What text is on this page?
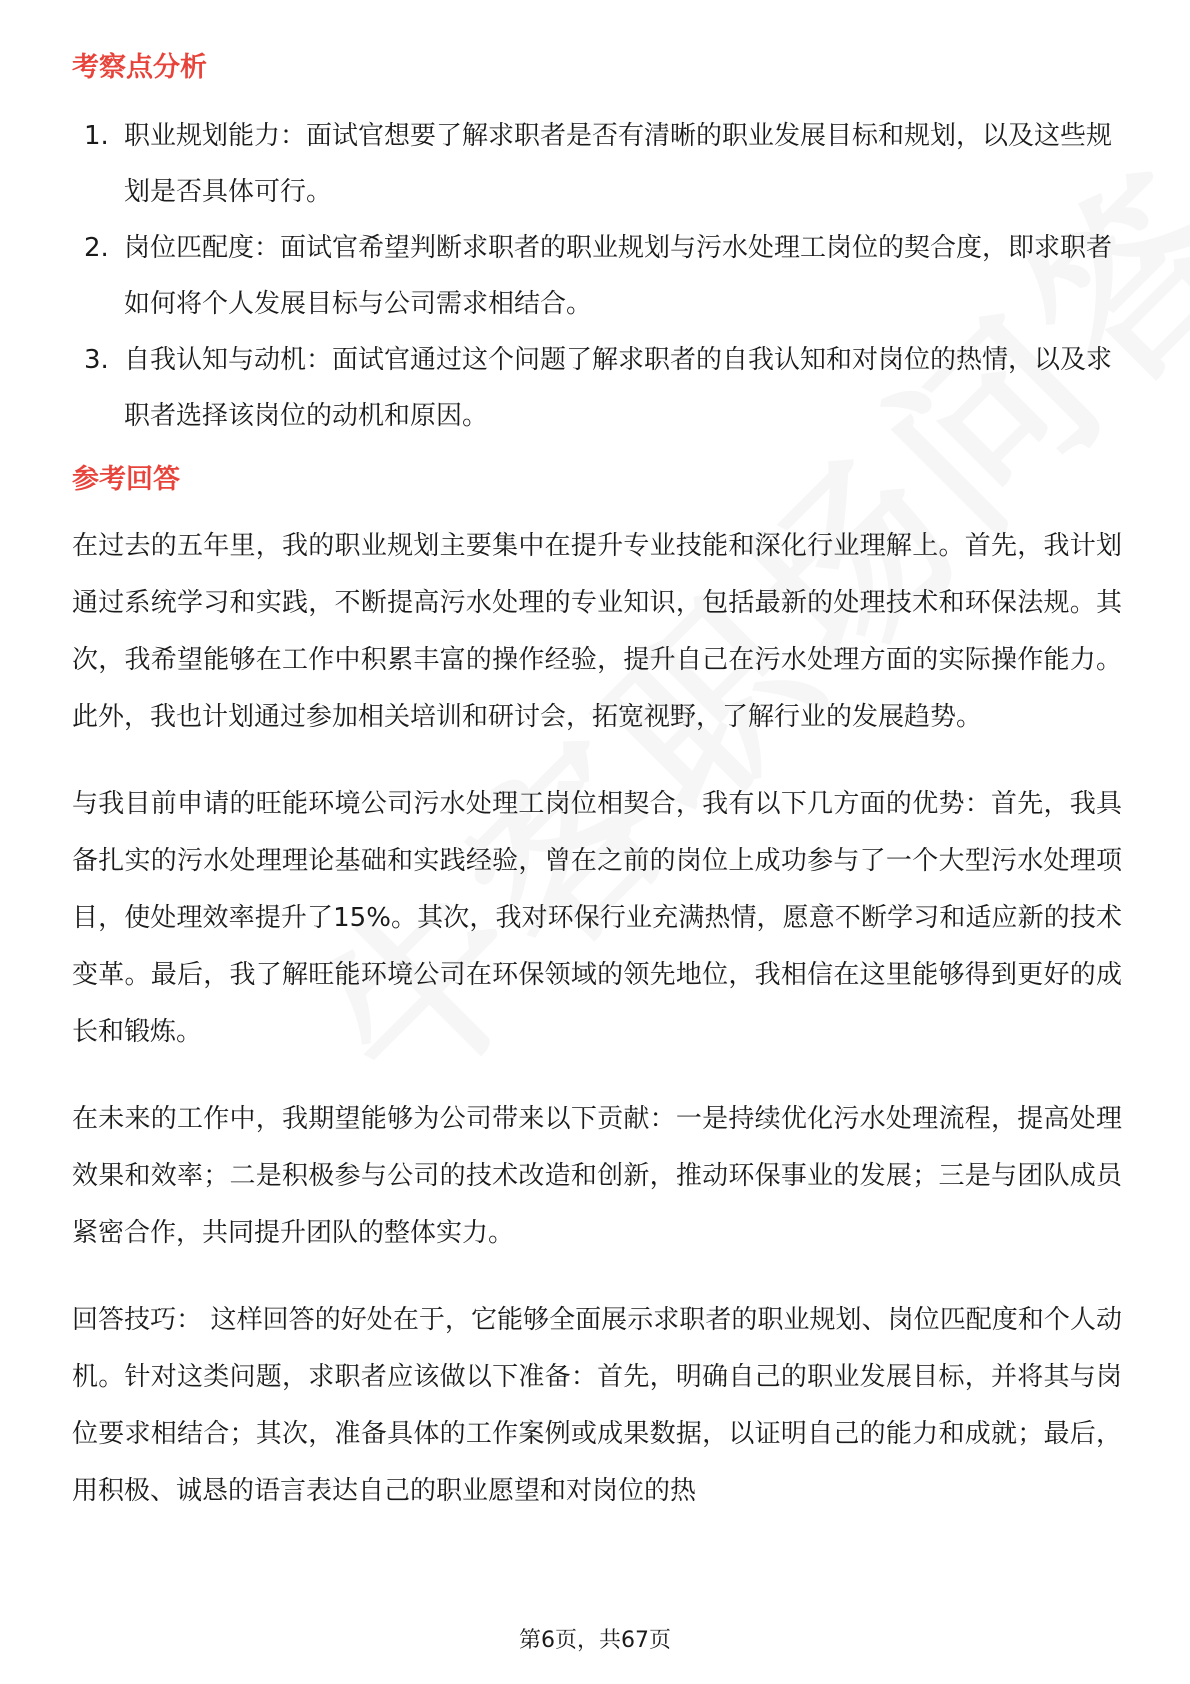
考察点分析
1. 职业规划能力：面试官想要了解求职者是否有清晰的职业发展目标和规划，以及这些规划是否具体可行。
2. 岗位匹配度：面试官希望判断求职者的职业规划与污水处理工岗位的契合度，即求职者如何将个人发展目标与公司需求相结合。
3. 自我认知与动机：面试官通过这个问题了解求职者的自我认知和对岗位的热情，以及求职者选择该岗位的动机和原因。
参考回答

在过去的五年里，我的职业规划主要集中在提升专业技能和深化行业理解上。首先，我计划通过系统学习和实践，不断提高污水处理的专业知识，包括最新的处理技术和环保法规。其次，我希望能够在工作中积累丰富的操作经验，提升自己在污水处理方面的实际操作能力。此外，我也计划通过参加相关培训和研讨会，拓宽视野，了解行业的发展趋势。

与我目前申请的旺能环境公司污水处理工岗位相契合，我有以下几方面的优势：首先，我具备扎实的污水处理理论基础和实践经验，曾在之前的岗位上成功参与了一个大型污水处理项目，使处理效率提升了15%。其次，我对环保行业充满热情，愿意不断学习和适应新的技术变革。最后，我了解旺能环境公司在环保领域的领先地位，我相信在这里能够得到更好的成长和锻炼。

在未来的工作中，我期望能够为公司带来以下贡献：一是持续优化污水处理流程，提高处理效果和效率；二是积极参与公司的技术改造和创新，推动环保事业的发展；三是与团队成员紧密合作，共同提升团队的整体实力。

回答技巧： 这样回答的好处在于，它能够全面展示求职者的职业规划、岗位匹配度和个人动机。针对这类问题，求职者应该做以下准备：首先，明确自己的职业发展目标，并将其与岗位要求相结合；其次，准备具体的工作案例或成果数据，以证明自己的能力和成就；最后，用积极、诚恳的语言表达自己的职业愿望和对岗位的热

第6页，共67页
